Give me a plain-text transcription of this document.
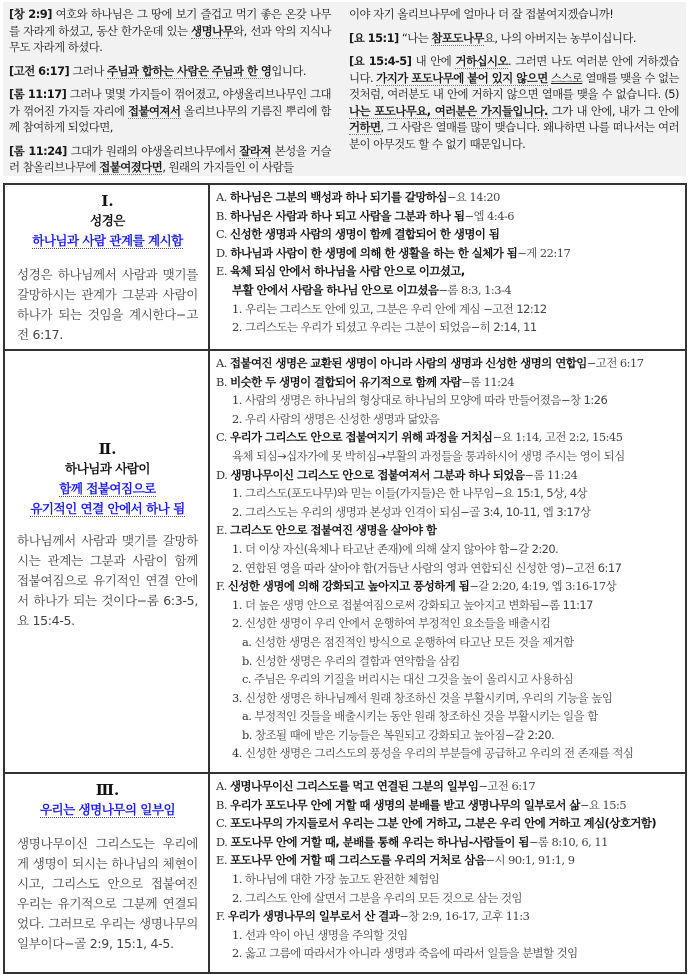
[창 2:9] 여호와 하나님은 그 땅에 보기 즐겁고 먹기 좋은 온갖 나무를 자라게 하셨고, 동산 한가운데 있는 생명나무와, 선과 악의 지식나무도 자라게 하셨다.

[고전 6:17] 그러나 주님과 합하는 사람은 주님과 한 영입니다.

[롬 11:17] 그러나 몇몇 가지들이 꺾어졌고, 야생올리브나무인 그대가 꺾어진 가지들 자리에 접붙여져서 올리브나무의 기름진 뿌리에 함께 참여하게 되었다면,

[롬 11:24] 그대가 원래의 야생올리브나무에서 잘라져 본성을 거슬러 참올리브나무에 접붙여졌다면, 원래의 가지들인 이 사람들

이야 자기 올리브나무에 얼마나 더 잘 접붙여지겠습니까!

[요 15:1] “나는 참포도나무요, 나의 아버지는 농부이십니다.

[요 15:4-5] 내 안에 거하십시오. 그러면 나도 여러분 안에 거하겠습니다. 가지가 포도나무에 붙어 있지 않으면 스스로 열매를 맺을 수 없는 것처럼, 여러분도 내 안에 거하지 않으면 열매를 맺을 수 없습니다. (5) 나는 포도나무요, 여러분은 가지들입니다. 그가 내 안에, 내가 그 안에 거하면, 그 사람은 열매를 많이 맺습니다. 왜나하면 나를 떠나서는 여러분이 아무것도 할 수 없기 때문입니다.

Ⅰ.
성경은
하나님과 사람 관계를 계시함
성경은 하나님께서 사람과 맺기를 갈망하시는 관계가 그분과 사람이 하나가 되는 것임을 계시한다−고전 6:17.

A. 하나님은 그분의 백성과 하나 되기를 갈망하심−요 14:20
B. 하나님은 사람과 하나 되고 사람을 그분과 하나 됨−엡 4:4-6
C. 신성한 생명과 사람의 생명이 함께 결합되어 한 생명이 됨
D. 하나님과 사람이 한 생명에 의해 한 생활을 하는 한 실체가 됨−게 22:17
E. 육체 되심 안에서 하나님을 사람 안으로 이끄셨고,
부활 안에서 사람을 하나님 안으로 이끄셨음−롬 8:3, 1:3-4
1. 우리는 그리스도 안에 있고, 그분은 우리 안에 계심 −고전 12:12
2. 그리스도는 우리가 되셨고 우리는 그분이 되었음−히 2:14, 11

Ⅱ.
하나님과 사람이
함께 접붙여짐으로
유기적인 연결 안에서 하나 됨
하나님께서 사람과 맺기를 갈망하시는 관계는 그분과 사람이 함께 접붙여짐으로 유기적인 연결 안에서 하나가 되는 것이다−롬 6:3-5, 요 15:4-5.

A. 접붙여진 생명은 교환된 생명이 아니라 사람의 생명과 신성한 생명의 연합임−고전 6:17
B. 비슷한 두 생명이 결합되어 유기적으로 함께 자람−롬 11:24
1. 사람의 생명은 하나님의 형상대로 하나님의 모양에 따라 만들어졌음−창 1:26
2. 우리 사람의 생명은 신성한 생명과 닮았음
C. 우리가 그리스도 안으로 접붙여지기 위해 과정을 거치심−요 1:14, 고전 2:2, 15:45
육체 되심→십자가에 못 박히심→부활의 과정들을 통과하시어 생명 주시는 영이 되심
D. 생명나무이신 그리스도 안으로 접붙여져서 그분과 하나 되었음−롬 11:24
1. 그리스도(포도나무)와 믿는 이들(가지들)은 한 나무임−요 15:1, 5상, 4상
2. 그리스도는 우리의 생명과 본성과 인격이 되심−골 3:4, 10-11, 엡 3:17상
E. 그리스도 안으로 접붙여진 생명을 살아야 함
1. 더 이상 자신(육체나 타고난 존재)에 의해 살지 않아야 함−갈 2:20.
2. 연합된 영을 따라 살아야 함(거듭난 사람의 영과 연합되신 신성한 영)−고전 6:17
F. 신성한 생명에 의해 강화되고 높아지고 풍성하게 됨−갈 2:20, 4:19, 엡 3:16-17상
1. 더 높은 생명 안으로 접붙여짐으로써 강화되고 높아지고 변화됨−롬 11:17
2. 신성한 생명이 우리 안에서 운행하여 부정적인 요소들을 배출시킴
a. 신성한 생명은 점진적인 방식으로 운행하여 타고난 모든 것을 제거함
b. 신성한 생명은 우리의 결함과 연약함을 삼킴
c. 주님은 우리의 기질을 버리시는 대신 그것을 높이 올리시고 사용하심
3. 신성한 생명은 하나님께서 원래 창조하신 것을 부활시키며, 우리의 기능을 높임
a. 부정적인 것들을 배출시키는 동안 원래 창조하신 것을 부활시키는 일을 함
b. 창조될 때에 받은 기능들은 복원되고 강화되고 높아짐−갈 2:20.
4. 신성한 생명은 그리스도의 풍성을 우리의 부분들에 공급하고 우리의 전 존재를 적심

Ⅲ.
우리는 생명나무의 일부임
생명나무이신 그리스도는 우리에게 생명이 되시는 하나님의 체현이시고, 그리스도 안으로 접붙여진 우리는 유기적으로 그분께 연결되었다. 그러므로 우리는 생명나무의 일부이다−골 2:9, 15:1, 4-5.

A. 생명나무이신 그리스도를 먹고 연결된 그분의 일부임−고전 6:17
B. 우리가 포도나무 안에 거할 때 생명의 분배를 받고 생명나무의 일부로서 삶−요 15:5
C. 포도나무의 가지들로서 우리는 그분 안에 거하고, 그분은 우리 안에 거하고 계심(상호거함)
D. 포도나무 안에 거할 때, 분배를 통해 우리는 하나님-사람들이 됨−롬 8:10, 6, 11
E. 포도나무 안에 거할 때 그리스도를 우리의 거처로 삼음−시 90:1, 91:1, 9
1. 하나님에 대한 가장 높고도 완전한 체험임
2. 그리스도 안에 살면서 그분을 우리의 모든 것으로 삼는 것임
F. 우리가 생명나무의 일부로서 산 결과−창 2:9, 16-17, 고후 11:3
1. 선과 악이 아닌 생명을 주의할 것임
2. 옳고 그름에 따라서가 아니라 생명과 죽음에 따라서 일들을 분별할 것임
